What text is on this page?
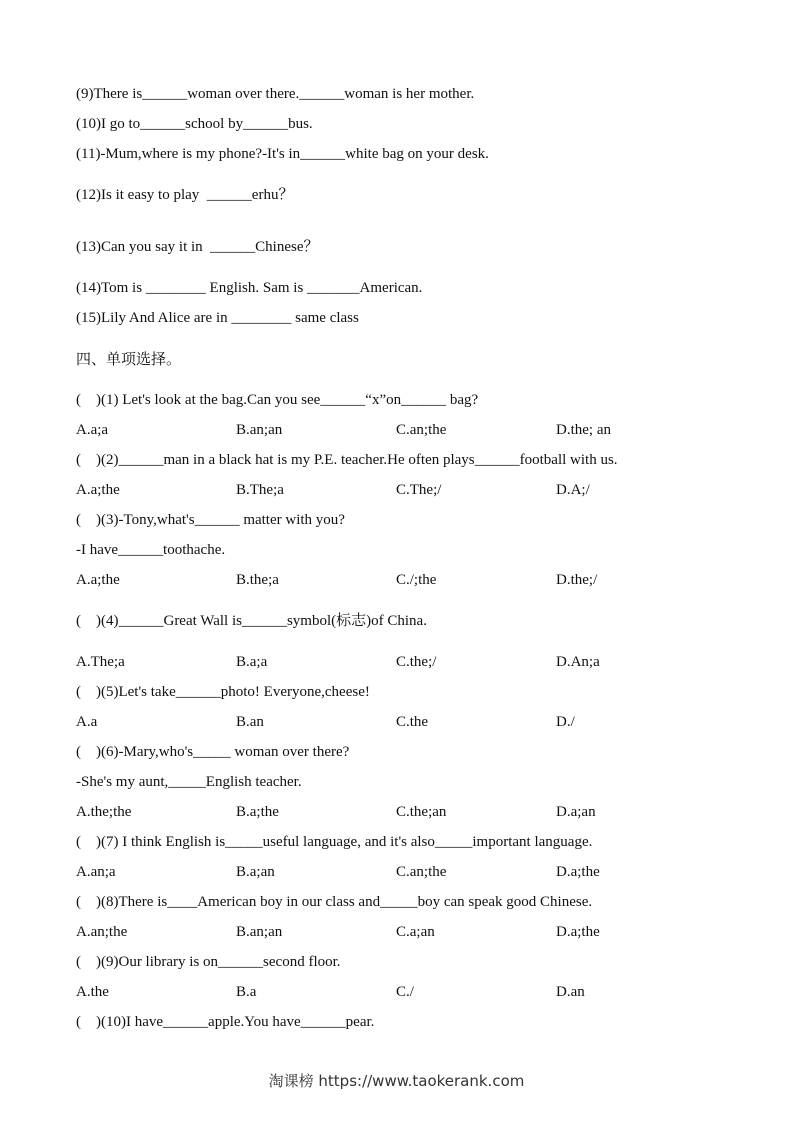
(9)There is______woman over there.______woman is her mother.
(10)I go to______school by______bus.
(11)-Mum,where is my phone?-It's in______white bag on your desk.
(12)Is it easy to play  ______erhu？
(13)Can you say it in  ______Chinese？
(14)Tom is ________ English. Sam is _______American.
(15)Lily And Alice are in ________ same class
四、单项选择。
(    )(1) Let's look at the bag.Can you see______“x”on______ bag?
A.a;a	B.an;an	C.an;the	D.the; an
(    )(2)______man in a black hat is my P.E. teacher.He often plays______football with us.
A.a;the	B.The;a	C.The;/	D.A;/
(    )(3)-Tony,what's______ matter with you?
-I have______toothache.
A.a;the	B.the;a	C./;the	D.the;/
(    )(4)______Great Wall is______symbol(标志)of China.
A.The;a	B.a;a	C.the;/	D.An;a
(    )(5)Let's take______photo! Everyone,cheese!
A.a	B.an	C.the	D./
(    )(6)-Mary,who's_____ woman over there?
-She's my aunt,_____English teacher.
A.the;the	B.a;the	C.the;an	D.a;an
(    )(7) I think English is_____useful language, and it's also_____important language.
A.an;a	B.a;an	C.an;the	D.a;the
(    )(8)There is____American boy in our class and_____boy can speak good Chinese.
A.an;the	B.an;an	C.a;an	D.a;the
(    )(9)Our library is on______second floor.
A.the	B.a	C./	D.an
(    )(10)I have______apple.You have______pear.
淘课榜 https://www.taokerank.com
